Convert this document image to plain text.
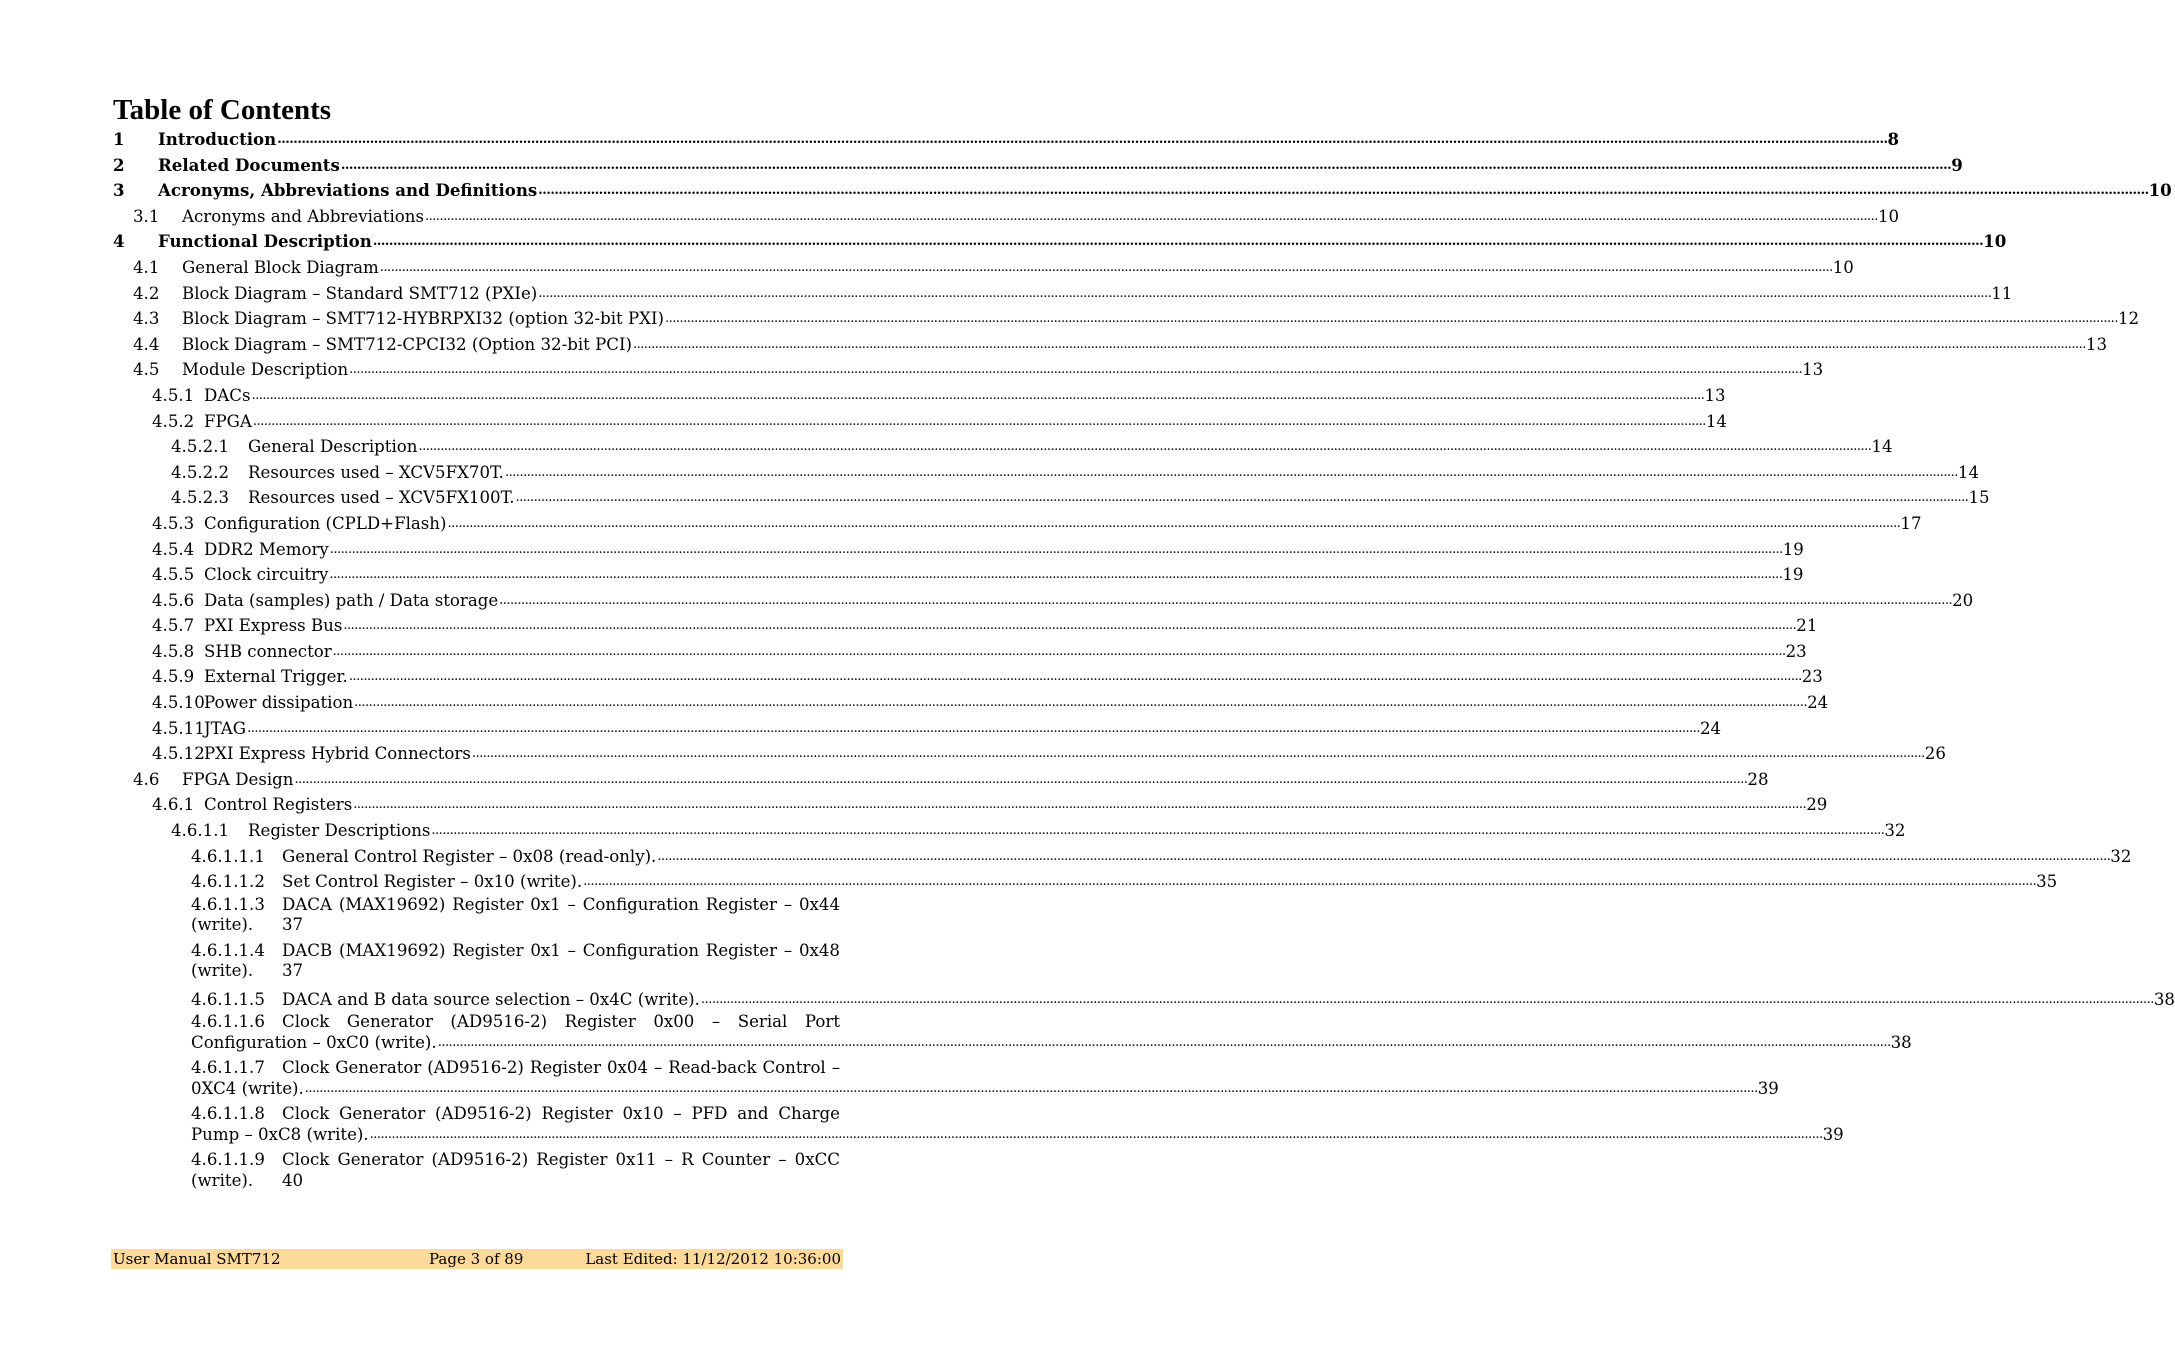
Table of Contents
1 Introduction ................................................................................................................................................................................................................................................................................................................................................................................................................ 8
2 Related Documents ................................................................................................................................................................................................................................................................................................................................................................................................................ 9
3 Acronyms, Abbreviations and Definitions ................................................................................................................................................................................................................................................................................................................................................................................................................ 10
3.1 Acronyms and Abbreviations ................................................................................................................................................................................................................................................................................................................................................................................................................ 10
4 Functional Description ................................................................................................................................................................................................................................................................................................................................................................................................................ 10
4.1 General Block Diagram ................................................................................................................................................................................................................................................................................................................................................................................................................ 10
4.2 Block Diagram – Standard SMT712 (PXIe) ................................................................................................................................................................................................................................................................................................................................................................................................................ 11
4.3 Block Diagram – SMT712-HYBRPXI32 (option 32-bit PXI) ................................................................................................................................................................................................................................................................................................................................................................................................................ 12
4.4 Block Diagram – SMT712-CPCI32 (Option 32-bit PCI) ................................................................................................................................................................................................................................................................................................................................................................................................................ 13
4.5 Module Description ................................................................................................................................................................................................................................................................................................................................................................................................................ 13
4.5.1 DACs ................................................................................................................................................................................................................................................................................................................................................................................................................ 13
4.5.2 FPGA ................................................................................................................................................................................................................................................................................................................................................................................................................ 14
4.5.2.1 General Description ................................................................................................................................................................................................................................................................................................................................................................................................................ 14
4.5.2.2 Resources used – XCV5FX70T. ................................................................................................................................................................................................................................................................................................................................................................................................................ 14
4.5.2.3 Resources used – XCV5FX100T. ................................................................................................................................................................................................................................................................................................................................................................................................................ 15
4.5.3 Configuration (CPLD+Flash) ................................................................................................................................................................................................................................................................................................................................................................................................................ 17
4.5.4 DDR2 Memory ................................................................................................................................................................................................................................................................................................................................................................................................................ 19
4.5.5 Clock circuitry ................................................................................................................................................................................................................................................................................................................................................................................................................ 19
4.5.6 Data (samples) path / Data storage ................................................................................................................................................................................................................................................................................................................................................................................................................ 20
4.5.7 PXI Express Bus ................................................................................................................................................................................................................................................................................................................................................................................................................ 21
4.5.8 SHB connector ................................................................................................................................................................................................................................................................................................................................................................................................................ 23
4.5.9 External Trigger. ................................................................................................................................................................................................................................................................................................................................................................................................................ 23
4.5.10 Power dissipation ................................................................................................................................................................................................................................................................................................................................................................................................................ 24
4.5.11 JTAG ................................................................................................................................................................................................................................................................................................................................................................................................................ 24
4.5.12 PXI Express Hybrid Connectors ................................................................................................................................................................................................................................................................................................................................................................................................................ 26
4.6 FPGA Design ................................................................................................................................................................................................................................................................................................................................................................................................................ 28
4.6.1 Control Registers ................................................................................................................................................................................................................................................................................................................................................................................................................ 29
4.6.1.1 Register Descriptions ................................................................................................................................................................................................................................................................................................................................................................................................................ 32
4.6.1.1.1 General Control Register – 0x08 (read-only). ................................................................................................................................................................................................................................................................................................................................................................................................................ 32
4.6.1.1.2 Set Control Register – 0x10 (write). ................................................................................................................................................................................................................................................................................................................................................................................................................ 35
4.6.1.1.3	DACA (MAX19692) Register 0x1 – Configuration Register – 0x44
(write). 37
4.6.1.1.4	DACB (MAX19692) Register 0x1 – Configuration Register – 0x48
(write). 37
4.6.1.1.5 DACA and B data source selection – 0x4C (write). ................................................................................................................................................................................................................................................................................................................................................................................................................ 38
4.6.1.1.6	Clock Generator (AD9516-2) Register 0x00 – Serial Port
Configuration – 0xC0 (write). ................................................................................................................................................................................................................................................................................................................................................................................................................ 38
4.6.1.1.7	Clock Generator (AD9516-2) Register 0x04 – Read-back Control –
0XC4 (write). ................................................................................................................................................................................................................................................................................................................................................................................................................ 39
4.6.1.1.8	Clock Generator (AD9516-2) Register 0x10 – PFD and Charge
Pump – 0xC8 (write). ................................................................................................................................................................................................................................................................................................................................................................................................................ 39
4.6.1.1.9	Clock Generator (AD9516-2) Register 0x11 – R Counter – 0xCC
(write). 40
User Manual SMT712	Page 3 of 89	Last Edited: 11/12/2012 10:36:00
